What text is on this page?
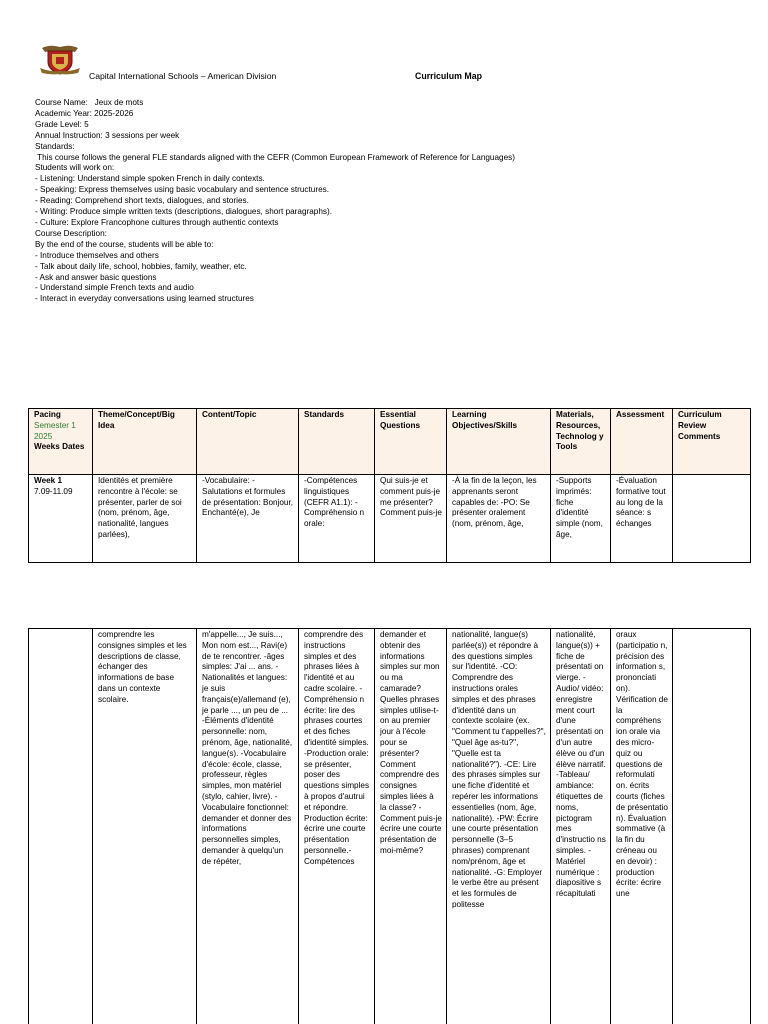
Capital International Schools – American Division	Curriculum Map
Course Name:   Jeux de mots
Academic Year: 2025-2026
Grade Level: 5
Annual Instruction: 3 sessions per week
Standards:
This course follows the general FLE standards aligned with the CEFR (Common European Framework of Reference for Languages)
Students will work on:
- Listening: Understand simple spoken French in daily contexts.
- Speaking: Express themselves using basic vocabulary and sentence structures.
- Reading: Comprehend short texts, dialogues, and stories.
- Writing: Produce simple written texts (descriptions, dialogues, short paragraphs).
- Culture: Explore Francophone cultures through authentic contexts
Course Description:
By the end of the course, students will be able to:
- Introduce themselves and others
- Talk about daily life, school, hobbies, family, weather, etc.
- Ask and answer basic questions
- Understand simple French texts and audio
- Interact in everyday conversations using learned structures
Pacing
Semester 1 2025
Weeks Dates	Theme/Concept/Big Idea	Content/Topic	Standards	Essential Questions	Learning Objectives/Skills	Materials, Resources, Technolog y Tools	Assessment	Curriculum Review Comments

Week 1
7.09-11.09	Identités et première rencontre à l'école: se présenter, parler de soi (nom, prénom, âge, nationalité, langues parlées),	-Vocabulaire: -Salutations et formules de présentation: Bonjour, Enchanté(e), Je	-Compétences linguistiques (CEFR A1.1): - Compréhensio n orale:	Qui suis-je et comment puis-je me présenter? Comment puis-je	-À la fin de la leçon, les apprenants seront capables de: -PO: Se présenter oralement (nom, prénom, âge,	-Supports imprimés: fiche d'identité simple (nom, âge,	-Évaluation formative tout au long de la séance: s échanges	
	comprendre les consignes simples et les descriptions de classe, échanger des informations de base dans un contexte scolaire.	m'appelle..., Je suis..., Mon nom est..., Ravi(e) de te rencontrer. -âges simples: J'ai ... ans. -Nationalités et langues: je suis français(e)/allemand (e), je parle ..., un peu de ... -Éléments d'identité personnelle: nom, prénom, âge, nationalité, langue(s). -Vocabulaire d'école: école, classe, professeur, règles simples, mon matériel (stylo, cahier, livre). -Vocabulaire fonctionnel: demander et donner des informations personnelles simples, demander à quelqu'un de répéter,	comprendre des instructions simples et des phrases liées à l'identité et au cadre scolaire. - Compréhensio n écrite: lire des phrases courtes et des fiches d'identité simples. -Production orale: se présenter, poser des questions simples à propos d'autrui et répondre. Production écrite: écrire une courte présentation personnelle.- Compétences	demander et obtenir des informations simples sur mon ou ma camarade? Quelles phrases simples utilise-t-on au premier jour à l'école pour se présenter? Comment comprendre des consignes simples liées à la classe? -Comment puis-je écrire une courte présentation de moi-même?	nationalité, langue(s) parlée(s)) et répondre à des questions simples sur l'identité. -CO: Comprendre des instructions orales simples et des phrases d'identité dans un contexte scolaire (ex. "Comment tu t'appelles?", "Quel âge as-tu?", "Quelle est ta nationalité?"). -CE: Lire des phrases simples sur une fiche d'identité et repérer les informations essentielles (nom, âge, nationalité). -PW: Écrire une courte présentation personnelle (3–5 phrases) comprenant nom/prénom, âge et nationalité. -G: Employer le verbe être au présent et les formules de politesse	nationalité, langue(s)) + fiche de présentati on vierge. -Audio/ vidéo: enregistre ment court d'une présentati on d'un autre élève ou d'un élève narratif. -Tableau/ ambiance: étiquettes de noms, pictogram mes d'instructio ns simples. -Matériel numérique : diapositive s récapitulati	oraux (participatio n, précision des information s, prononciati on). Vérification de la compréhens ion orale via des micro-quiz ou questions de reformulati on. écrits courts (fiches de présentatio n). Évaluation sommative (à la fin du créneau ou en devoir) : production écrite: écrire une	
